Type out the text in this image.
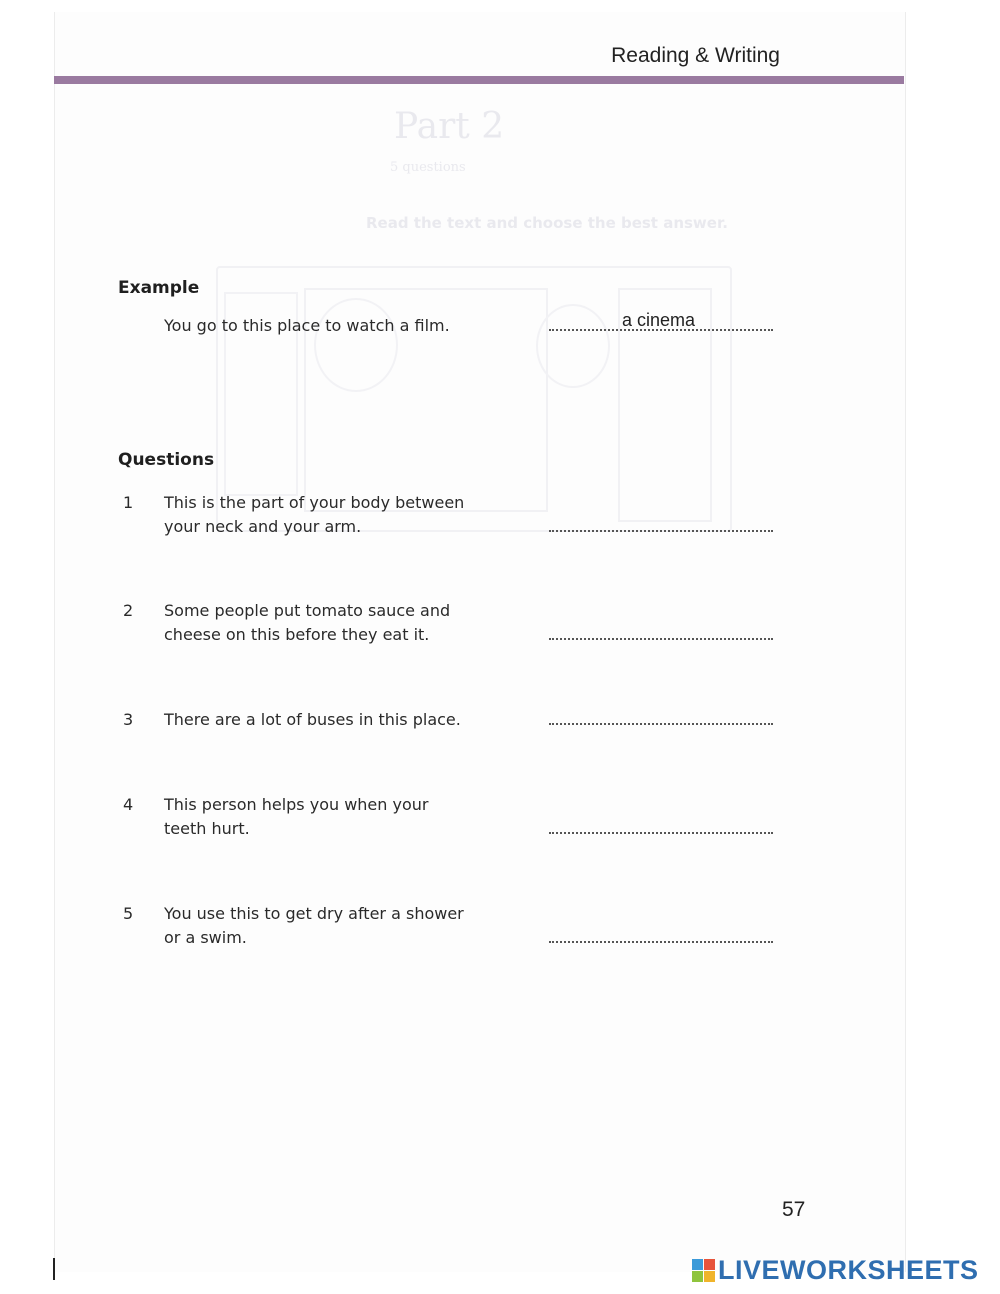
Reading & Writing
Part 2
5 questions
Read the text and choose the best answer.
Example
You go to this place to watch a film.	a cinema
Questions
1 This is the part of your body between
your neck and your arm.
2 Some people put tomato sauce and
cheese on this before they eat it.
3 There are a lot of buses in this place.
4 This person helps you when your
teeth hurt.
5 You use this to get dry after a shower
or a swim.
57
LIVEWORKSHEETS
